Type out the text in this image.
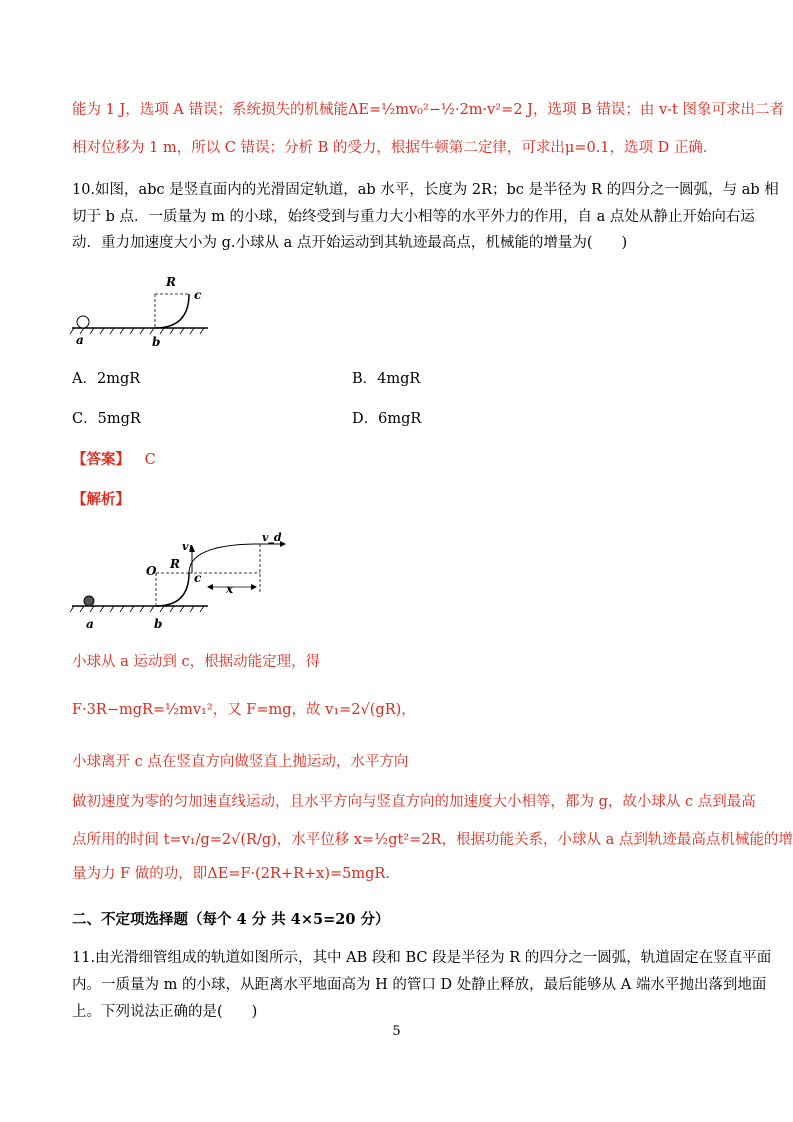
能为 1 J，选项 A 错误；系统损失的机械能ΔE=½mv₀²−½·2m·v²=2 J，选项 B 错误；由 v-t 图象可求出二者
相对位移为 1 m，所以 C 错误；分析 B 的受力，根据牛顿第二定律，可求出μ=0.1，选项 D 正确．
10.如图，abc 是竖直面内的光滑固定轨道，ab 水平，长度为 2R；bc 是半径为 R 的四分之一圆弧，与 ab 相
切于 b 点．一质量为 m 的小球，始终受到与重力大小相等的水平外力的作用，自 a 点处从静止开始向右运
动．重力加速度大小为 g.小球从 a 点开始运动到其轨迹最高点，机械能的增量为(　　)
R
c
a	b
A．2mgR	B．4mgR
C．5mgR	D．6mgR
【答案】 C
【解析】
v₁
v_d
O R
c
x
a	b
小球从 a 运动到 c，根据动能定理，得
F·3R−mgR=½mv₁²，又 F=mg，故 v₁=2√(gR)，
小球离开 c 点在竖直方向做竖直上抛运动，水平方向
做初速度为零的匀加速直线运动，且水平方向与竖直方向的加速度大小相等，都为 g，故小球从 c 点到最高
点所用的时间 t=v₁/g=2√(R/g)，水平位移 x=½gt²=2R，根据功能关系，小球从 a 点到轨迹最高点机械能的增
量为力 F 做的功，即ΔE=F·(2R+R+x)=5mgR.
二、不定项选择题（每个 4 分 共 4×5=20 分）
11.由光滑细管组成的轨道如图所示，其中 AB 段和 BC 段是半径为 R 的四分之一圆弧，轨道固定在竖直平面
内。一质量为 m 的小球，从距离水平地面高为 H 的管口 D 处静止释放，最后能够从 A 端水平抛出落到地面
上。下列说法正确的是(　　)
5
